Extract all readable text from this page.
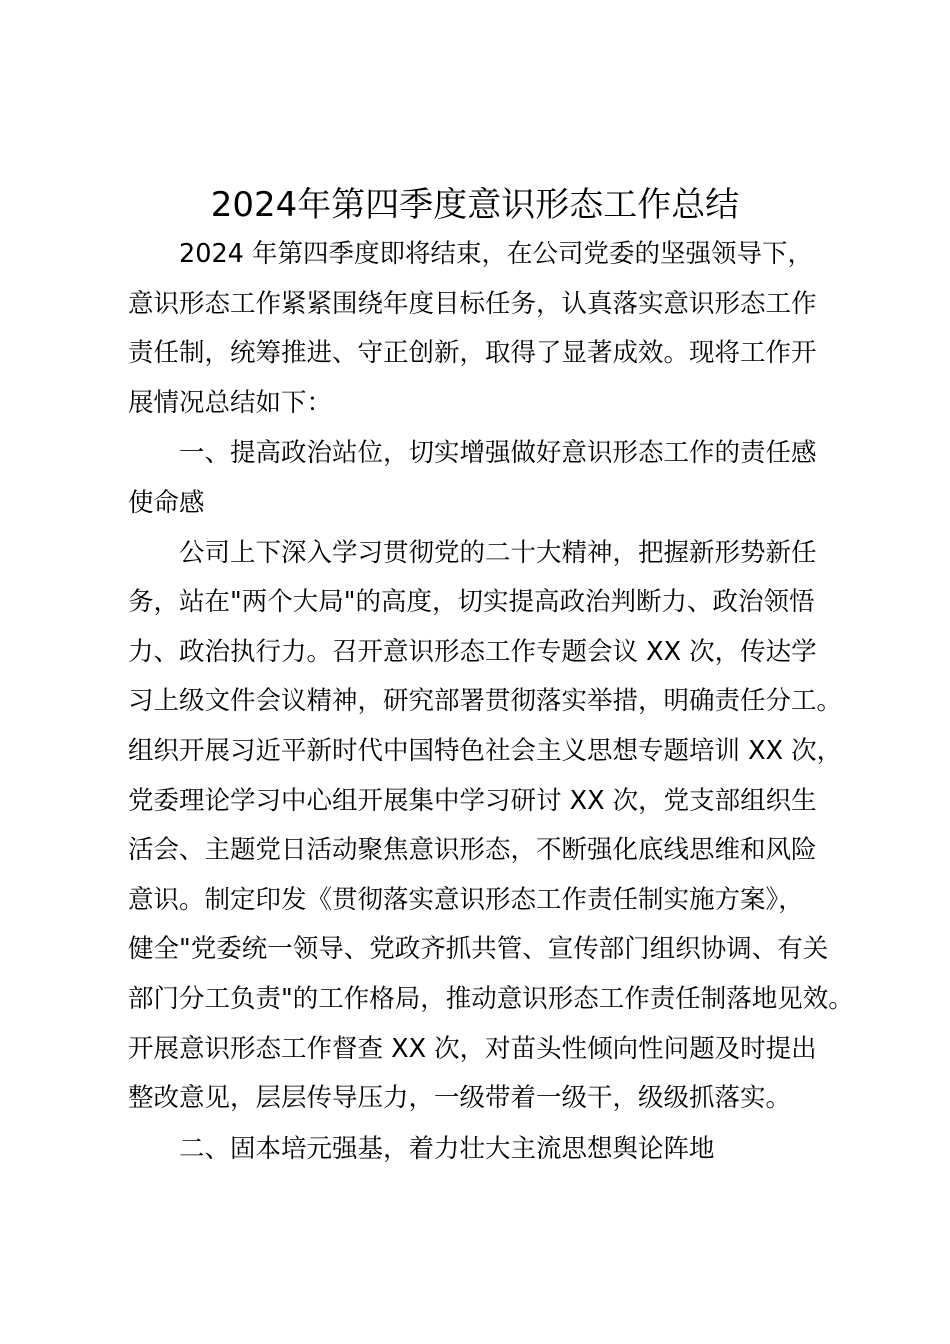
2024年第四季度意识形态工作总结

2024 年第四季度即将结束，在公司党委的坚强领导下，
意识形态工作紧紧围绕年度目标任务，认真落实意识形态工作
责任制，统筹推进、守正创新，取得了显著成效。现将工作开
展情况总结如下：

一、提高政治站位，切实增强做好意识形态工作的责任感
使命感

公司上下深入学习贯彻党的二十大精神，把握新形势新任
务，站在"两个大局"的高度，切实提高政治判断力、政治领悟
力、政治执行力。召开意识形态工作专题会议 XX 次，传达学
习上级文件会议精神，研究部署贯彻落实举措，明确责任分工。
组织开展习近平新时代中国特色社会主义思想专题培训 XX 次，
党委理论学习中心组开展集中学习研讨 XX 次，党支部组织生
活会、主题党日活动聚焦意识形态，不断强化底线思维和风险
意识。制定印发《贯彻落实意识形态工作责任制实施方案》，
健全"党委统一领导、党政齐抓共管、宣传部门组织协调、有关
部门分工负责"的工作格局，推动意识形态工作责任制落地见效。
开展意识形态工作督查 XX 次，对苗头性倾向性问题及时提出
整改意见，层层传导压力，一级带着一级干，级级抓落实。

二、固本培元强基，着力壮大主流思想舆论阵地
